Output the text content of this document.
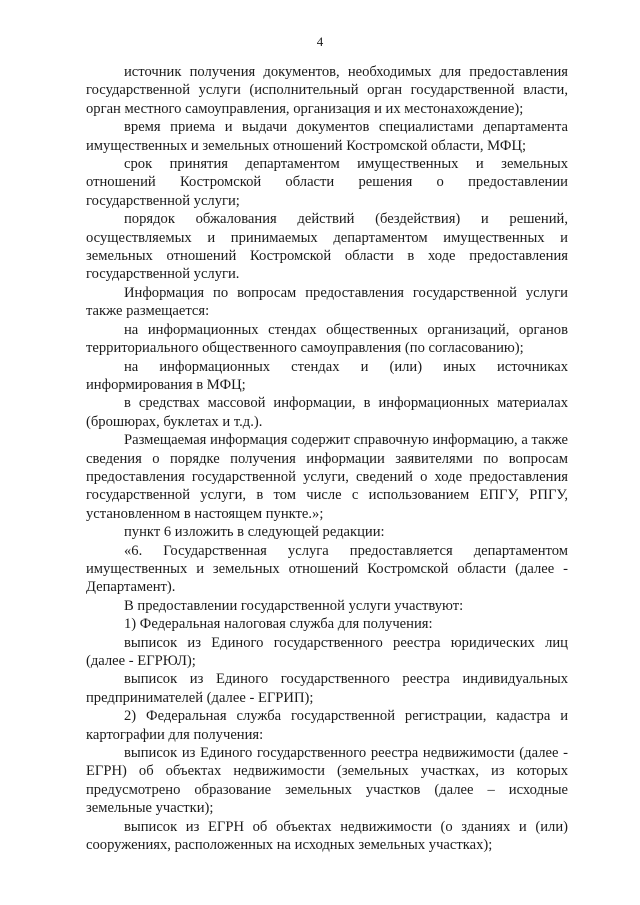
4

источник получения документов, необходимых для предоставления государственной услуги (исполнительный орган государственной власти, орган местного самоуправления, организация и их местонахождение);

время приема и выдачи документов специалистами департамента имущественных и земельных отношений Костромской области, МФЦ;

срок принятия департаментом имущественных и земельных отношений Костромской области решения о предоставлении государственной услуги;

порядок обжалования действий (бездействия) и решений, осуществляемых и принимаемых департаментом имущественных и земельных отношений Костромской области в ходе предоставления государственной услуги.

Информация по вопросам предоставления государственной услуги также размещается:

на информационных стендах общественных организаций, органов территориального общественного самоуправления (по согласованию);

на информационных стендах и (или) иных источниках информирования в МФЦ;

в средствах массовой информации, в информационных материалах (брошюрах, буклетах и т.д.).

Размещаемая информация содержит справочную информацию, а также сведения о порядке получения информации заявителями по вопросам предоставления государственной услуги, сведений о ходе предоставления государственной услуги, в том числе с использованием ЕПГУ, РПГУ, установленном в настоящем пункте.»;

пункт 6 изложить в следующей редакции:

«6. Государственная услуга предоставляется департаментом имущественных и земельных отношений Костромской области (далее - Департамент).

В предоставлении государственной услуги участвуют:

1) Федеральная налоговая служба для получения:

выписок из Единого государственного реестра юридических лиц (далее - ЕГРЮЛ);

выписок из Единого государственного реестра индивидуальных предпринимателей (далее - ЕГРИП);

2) Федеральная служба государственной регистрации, кадастра и картографии для получения:

выписок из Единого государственного реестра недвижимости (далее - ЕГРН) об объектах недвижимости (земельных участках, из которых предусмотрено образование земельных участков (далее – исходные земельные участки);

выписок из ЕГРН об объектах недвижимости (о зданиях и (или) сооружениях, расположенных на исходных земельных участках);
